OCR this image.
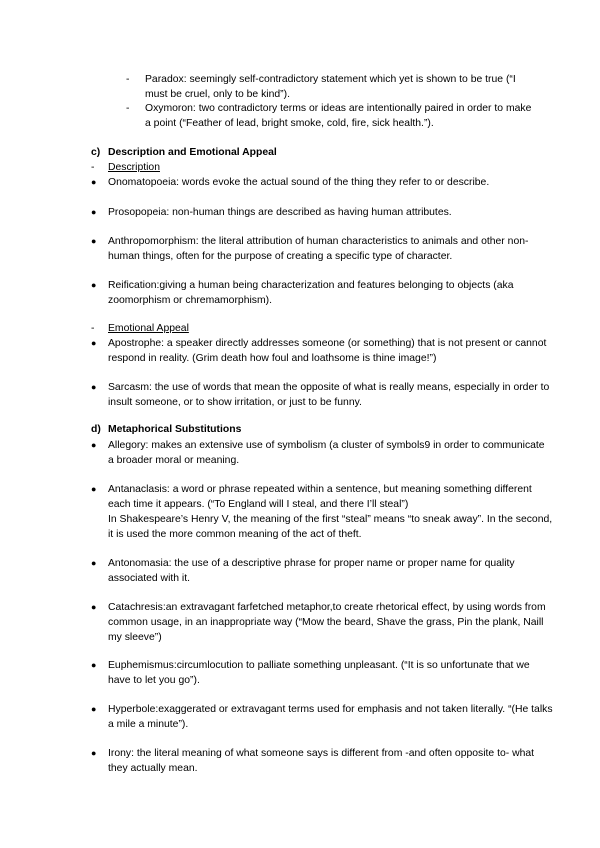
-	Paradox: seemingly self-contradictory statement which yet is shown to be true (“I must be cruel, only to be kind”).
-	Oxymoron: two contradictory terms or ideas are intentionally paired in order to make a point (“Feather of lead, bright smoke, cold, fire, sick health.”).
c) Description and Emotional Appeal
-	Description
●	Onomatopoeia: words evoke the actual sound of the thing they refer to or describe.
●	Prosopopeia: non-human things are described as having human attributes.
●	Anthropomorphism: the literal attribution of human characteristics to animals and other non-human things, often for the purpose of creating a specific type of character.
●	Reification:giving a human being characterization and features belonging to objects (aka zoomorphism or chremamorphism).
-	Emotional Appeal
●	Apostrophe: a speaker directly addresses someone (or something) that is not present or cannot respond in reality. (Grim death how foul and loathsome is thine image!”)
●	Sarcasm: the use of words that mean the opposite of what is really means, especially in order to insult someone, or to show irritation, or just to be funny.
d) Metaphorical Substitutions
●	Allegory: makes an extensive use of symbolism (a cluster of symbols9 in order to communicate a broader moral or meaning.
●	Antanaclasis: a word or phrase repeated within a sentence, but meaning something different each time it appears. (“To England will I steal, and there I’ll steal”)
In Shakespeare’s Henry V, the meaning of the first “steal” means “to sneak away”. In the second, it is used the more common meaning of the act of theft.
●	Antonomasia: the use of a descriptive phrase for proper name or proper name for quality associated with it.
●	Catachresis:an extravagant farfetched metaphor,to create rhetorical effect, by using words from common usage, in an inappropriate way (“Mow the beard, Shave the grass, Pin the plank, Naill my sleeve”)
●	Euphemismus:circumlocution to palliate something unpleasant. (“It is so unfortunate that we have to let you go”).
●	Hyperbole:exaggerated or extravagant terms used for emphasis and not taken literally. “(He talks a mile a minute”).
●	Irony: the literal meaning of what someone says is different from -and often opposite to- what they actually mean.
